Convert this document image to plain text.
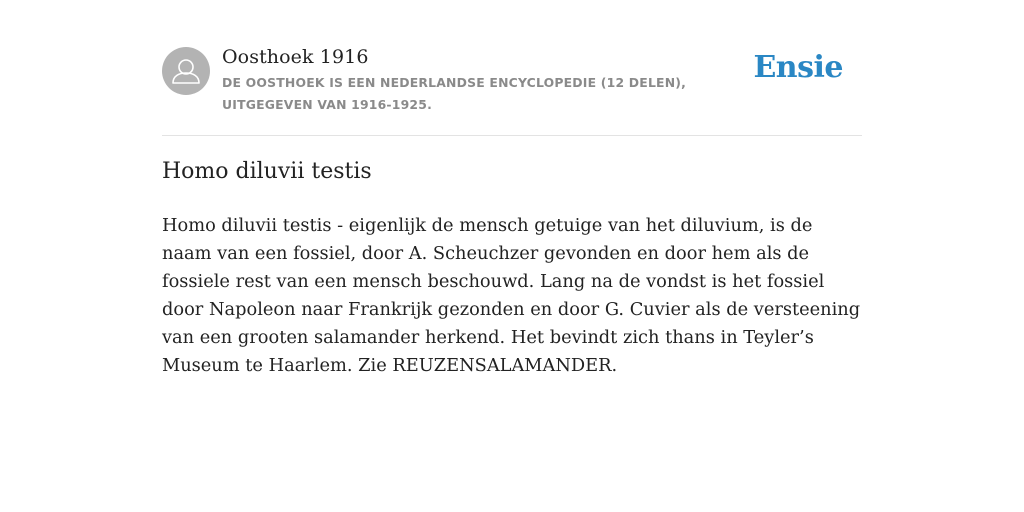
Oosthoek 1916
DE OOSTHOEK IS EEN NEDERLANDSE ENCYCLOPEDIE (12 DELEN), UITGEGEVEN VAN 1916-1925.
Ensie
Homo diluvii testis

Homo diluvii testis - eigenlijk de mensch getuige van het diluvium, is de naam van een fossiel, door A. Scheuchzer gevonden en door hem als de fossiele rest van een mensch beschouwd. Lang na de vondst is het fossiel door Napoleon naar Frankrijk gezonden en door G. Cuvier als de versteening van een grooten salamander herkend. Het bevindt zich thans in Teyler’s Museum te Haarlem. Zie REUZENSALAMANDER.
